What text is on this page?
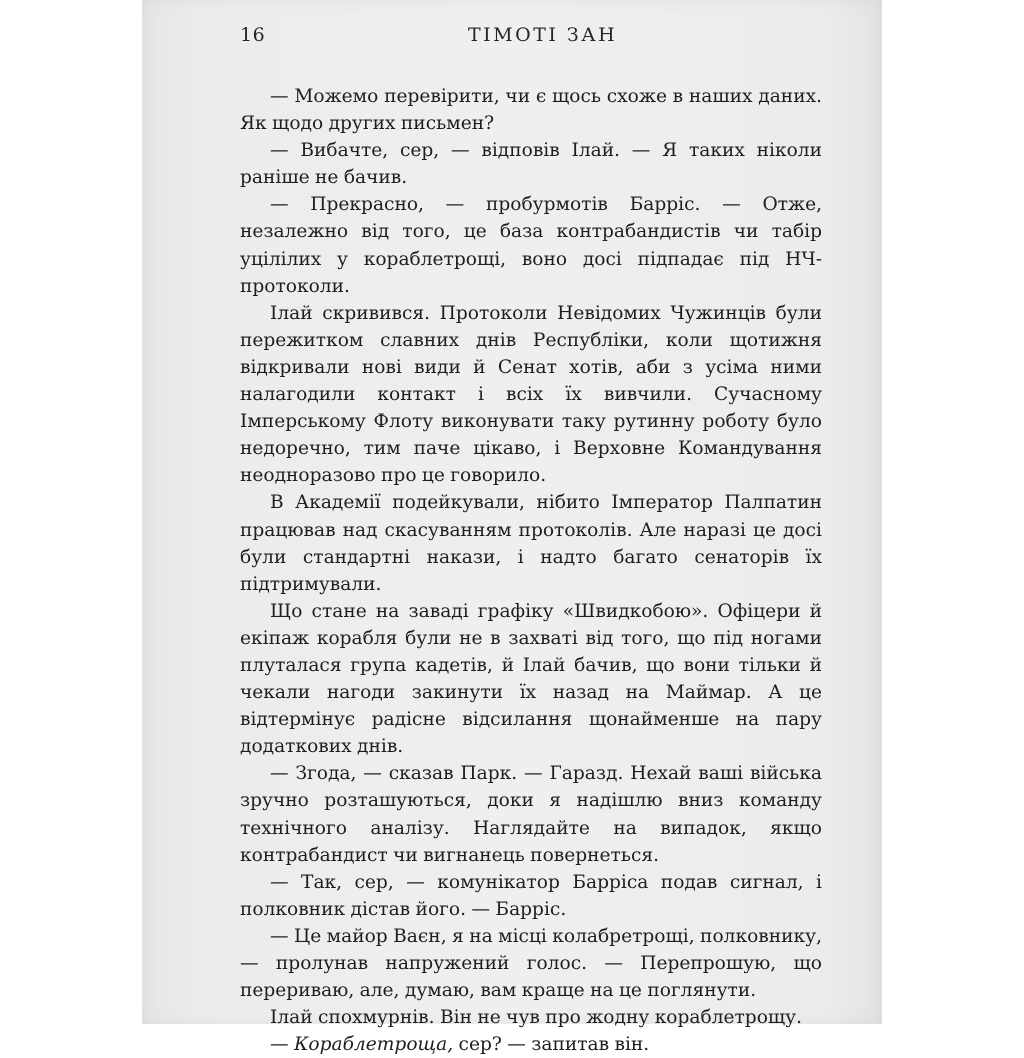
16	ТІМОТІ ЗАН

— Можемо перевірити, чи є щось схоже в наших даних. Як щодо других письмен?

— Вибачте, сер, — відповів Ілай. — Я таких ніколи раніше не бачив.

— Прекрасно, — пробурмотів Барріс. — Отже, незалежно від того, це база контрабандистів чи табір уцілілих у кораблетрощі, воно досі підпадає під НЧ-протоколи.

Ілай скривився. Протоколи Невідомих Чужинців були пережитком славних днів Республіки, коли щотижня відкривали нові види й Сенат хотів, аби з усіма ними налагодили контакт і всіх їх вивчили. Сучасному Імперському Флоту виконувати таку рутинну роботу було недоречно, тим паче цікаво, і Верховне Командування неодноразово про це говорило.

В Академії подейкували, нібито Імператор Палпатин працював над скасуванням протоколів. Але наразі це досі були стандартні накази, і надто багато сенаторів їх підтримували.

Що стане на заваді графіку «Швидкобою». Офіцери й екіпаж корабля були не в захваті від того, що під ногами плуталася група кадетів, й Ілай бачив, що вони тільки й чекали нагоди закинути їх назад на Маймар. А це відтермінує радісне відсилання щонайменше на пару додаткових днів.

— Згода, — сказав Парк. — Гаразд. Нехай ваші війська зручно розташуються, доки я надішлю вниз команду технічного аналізу. Наглядайте на випадок, якщо контрабандист чи вигнанець повернеться.

— Так, сер, — комунікатор Барріса подав сигнал, і полковник дістав його. — Барріс.

— Це майор Ваєн, я на місці колабретрощі, полковнику, — пролунав напружений голос. — Перепрошую, що перериваю, але, думаю, вам краще на це поглянути.

Ілай спохмурнів. Він не чув про жодну кораблетрощу.

— Кораблетроща, сер? — запитав він.
